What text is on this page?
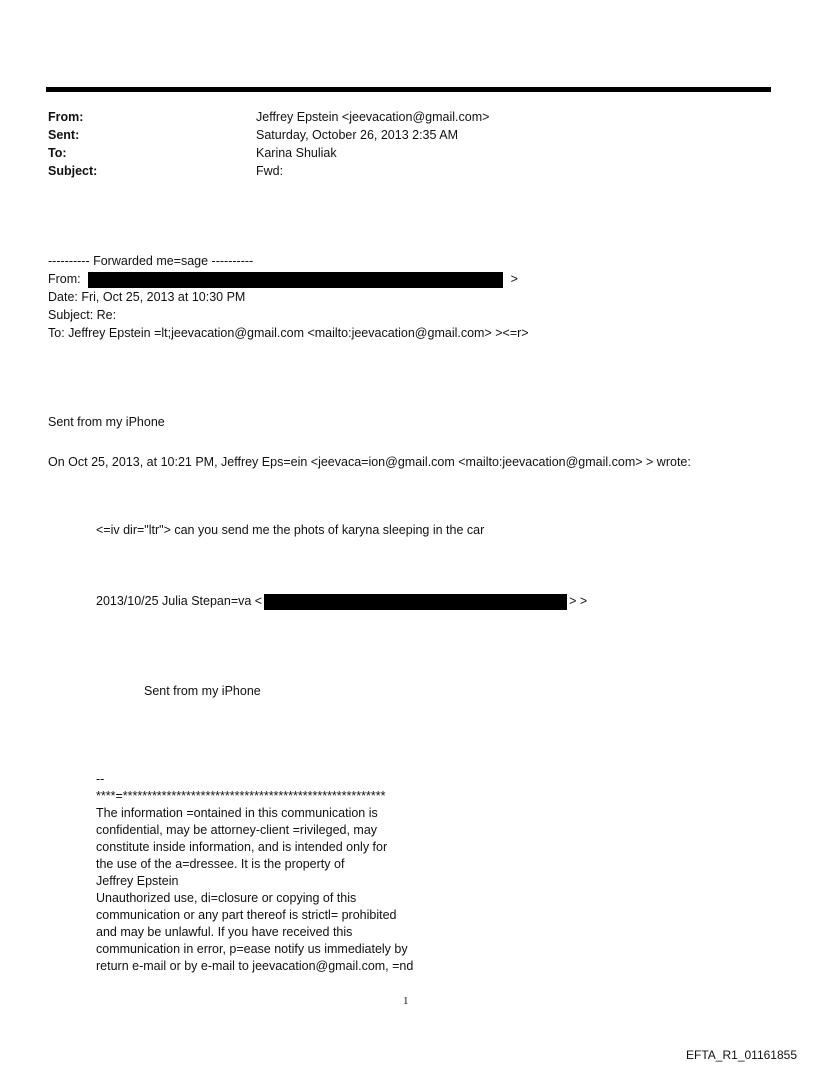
From:	Jeffrey Epstein <jeevacation@gmail.com>
Sent:	Saturday, October 26, 2013 2:35 AM
To:	Karina Shuliak
Subject:	Fwd:
---------- Forwarded me=sage ----------
From:	>
Date: Fri, Oct 25, 2013 at 10:30 PM
Subject: Re:
To: Jeffrey Epstein =lt;jeevacation@gmail.com <mailto:jeevacation@gmail.com> ><=r>
Sent from my iPhone
On Oct 25, 2013, at 10:21 PM, Jeffrey Eps=ein <jeevaca=ion@gmail.com <mailto:jeevacation@gmail.com> > wrote:
<=iv dir="ltr"> can you send me the phots of karyna sleeping in the car
2013/10/25 Julia Stepan=va <	> >
Sent from my iPhone
--
****=******************************************************
The information =ontained in this communication is
confidential, may be attorney-client =rivileged, may
constitute inside information, and is intended only for
the use of the a=dressee. It is the property of
Jeffrey Epstein
Unauthorized use, di=closure or copying of this
communication or any part thereof is strictl= prohibited
and may be unlawful. If you have received this
communication in error, p=ease notify us immediately by
return e-mail or by e-mail to jeevacation@gmail.com, =nd
1
EFTA_R1_01161855
